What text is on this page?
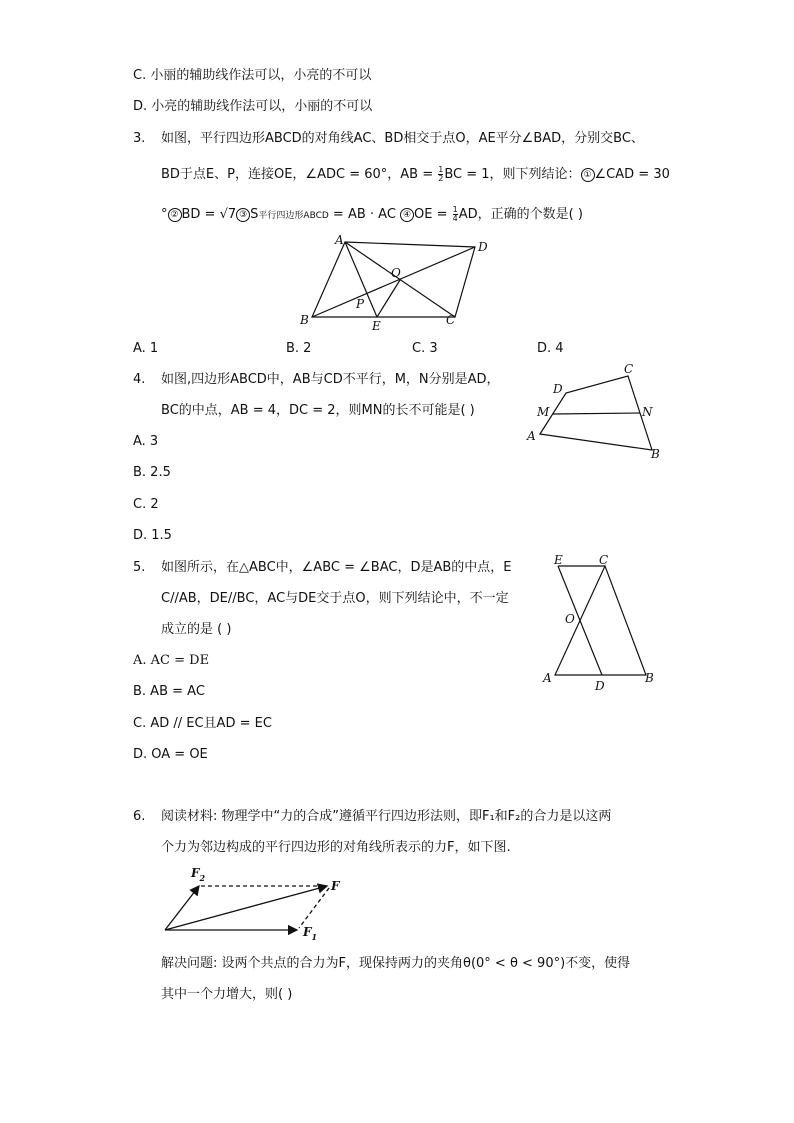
C. 小丽的辅助线作法可以，小亮的不可以
D. 小亮的辅助线作法可以，小丽的不可以
3. 如图，平行四边形ABCD的对角线AC、BD相交于点O，AE平分∠BAD，分别交BC、
BD于点E、P，连接OE，∠ADC = 60°，AB = $\frac{1}{2}$ BC = 1，则下列结论： ① ∠CAD = 30
° ② BD = √7 ③ S平行四边形ABCD = AB · AC ④ OE = $\frac{1}{4}$ AD，正确的个数是( )
A	D
B	C
O
P
E
A. 1	B. 2	C. 3	D. 4
4. 如图,四边形ABCD中，AB与CD不平行，M，N分别是AD，
BC的中点，AB = 4，DC = 2，则MN的长不可能是( )
D
C
M	N
A
B
A. 3
B. 2.5
C. 2
D. 1.5
5. 如图所示，在△ABC中，∠ABC = ∠BAC，D是AB的中点，E
C//AB，DE//BC，AC与DE交于点O，则下列结论中，不一定
成立的是 ( )
E	C
O
A
D
B
A. AC = DE
B. AB = AC
C. AD // EC且AD = EC
D. OA = OE
6. 阅读材料: 物理学中“力的合成”遵循平行四边形法则，即F₁和F₂的合力是以这两
个力为邻边构成的平行四边形的对角线所表示的力F，如下图.
$F_2$
F
$F_1$
解决问题: 设两个共点的合力为F，现保持两力的夹角θ(0° < θ < 90°)不变，使得
其中一个力增大，则( )
